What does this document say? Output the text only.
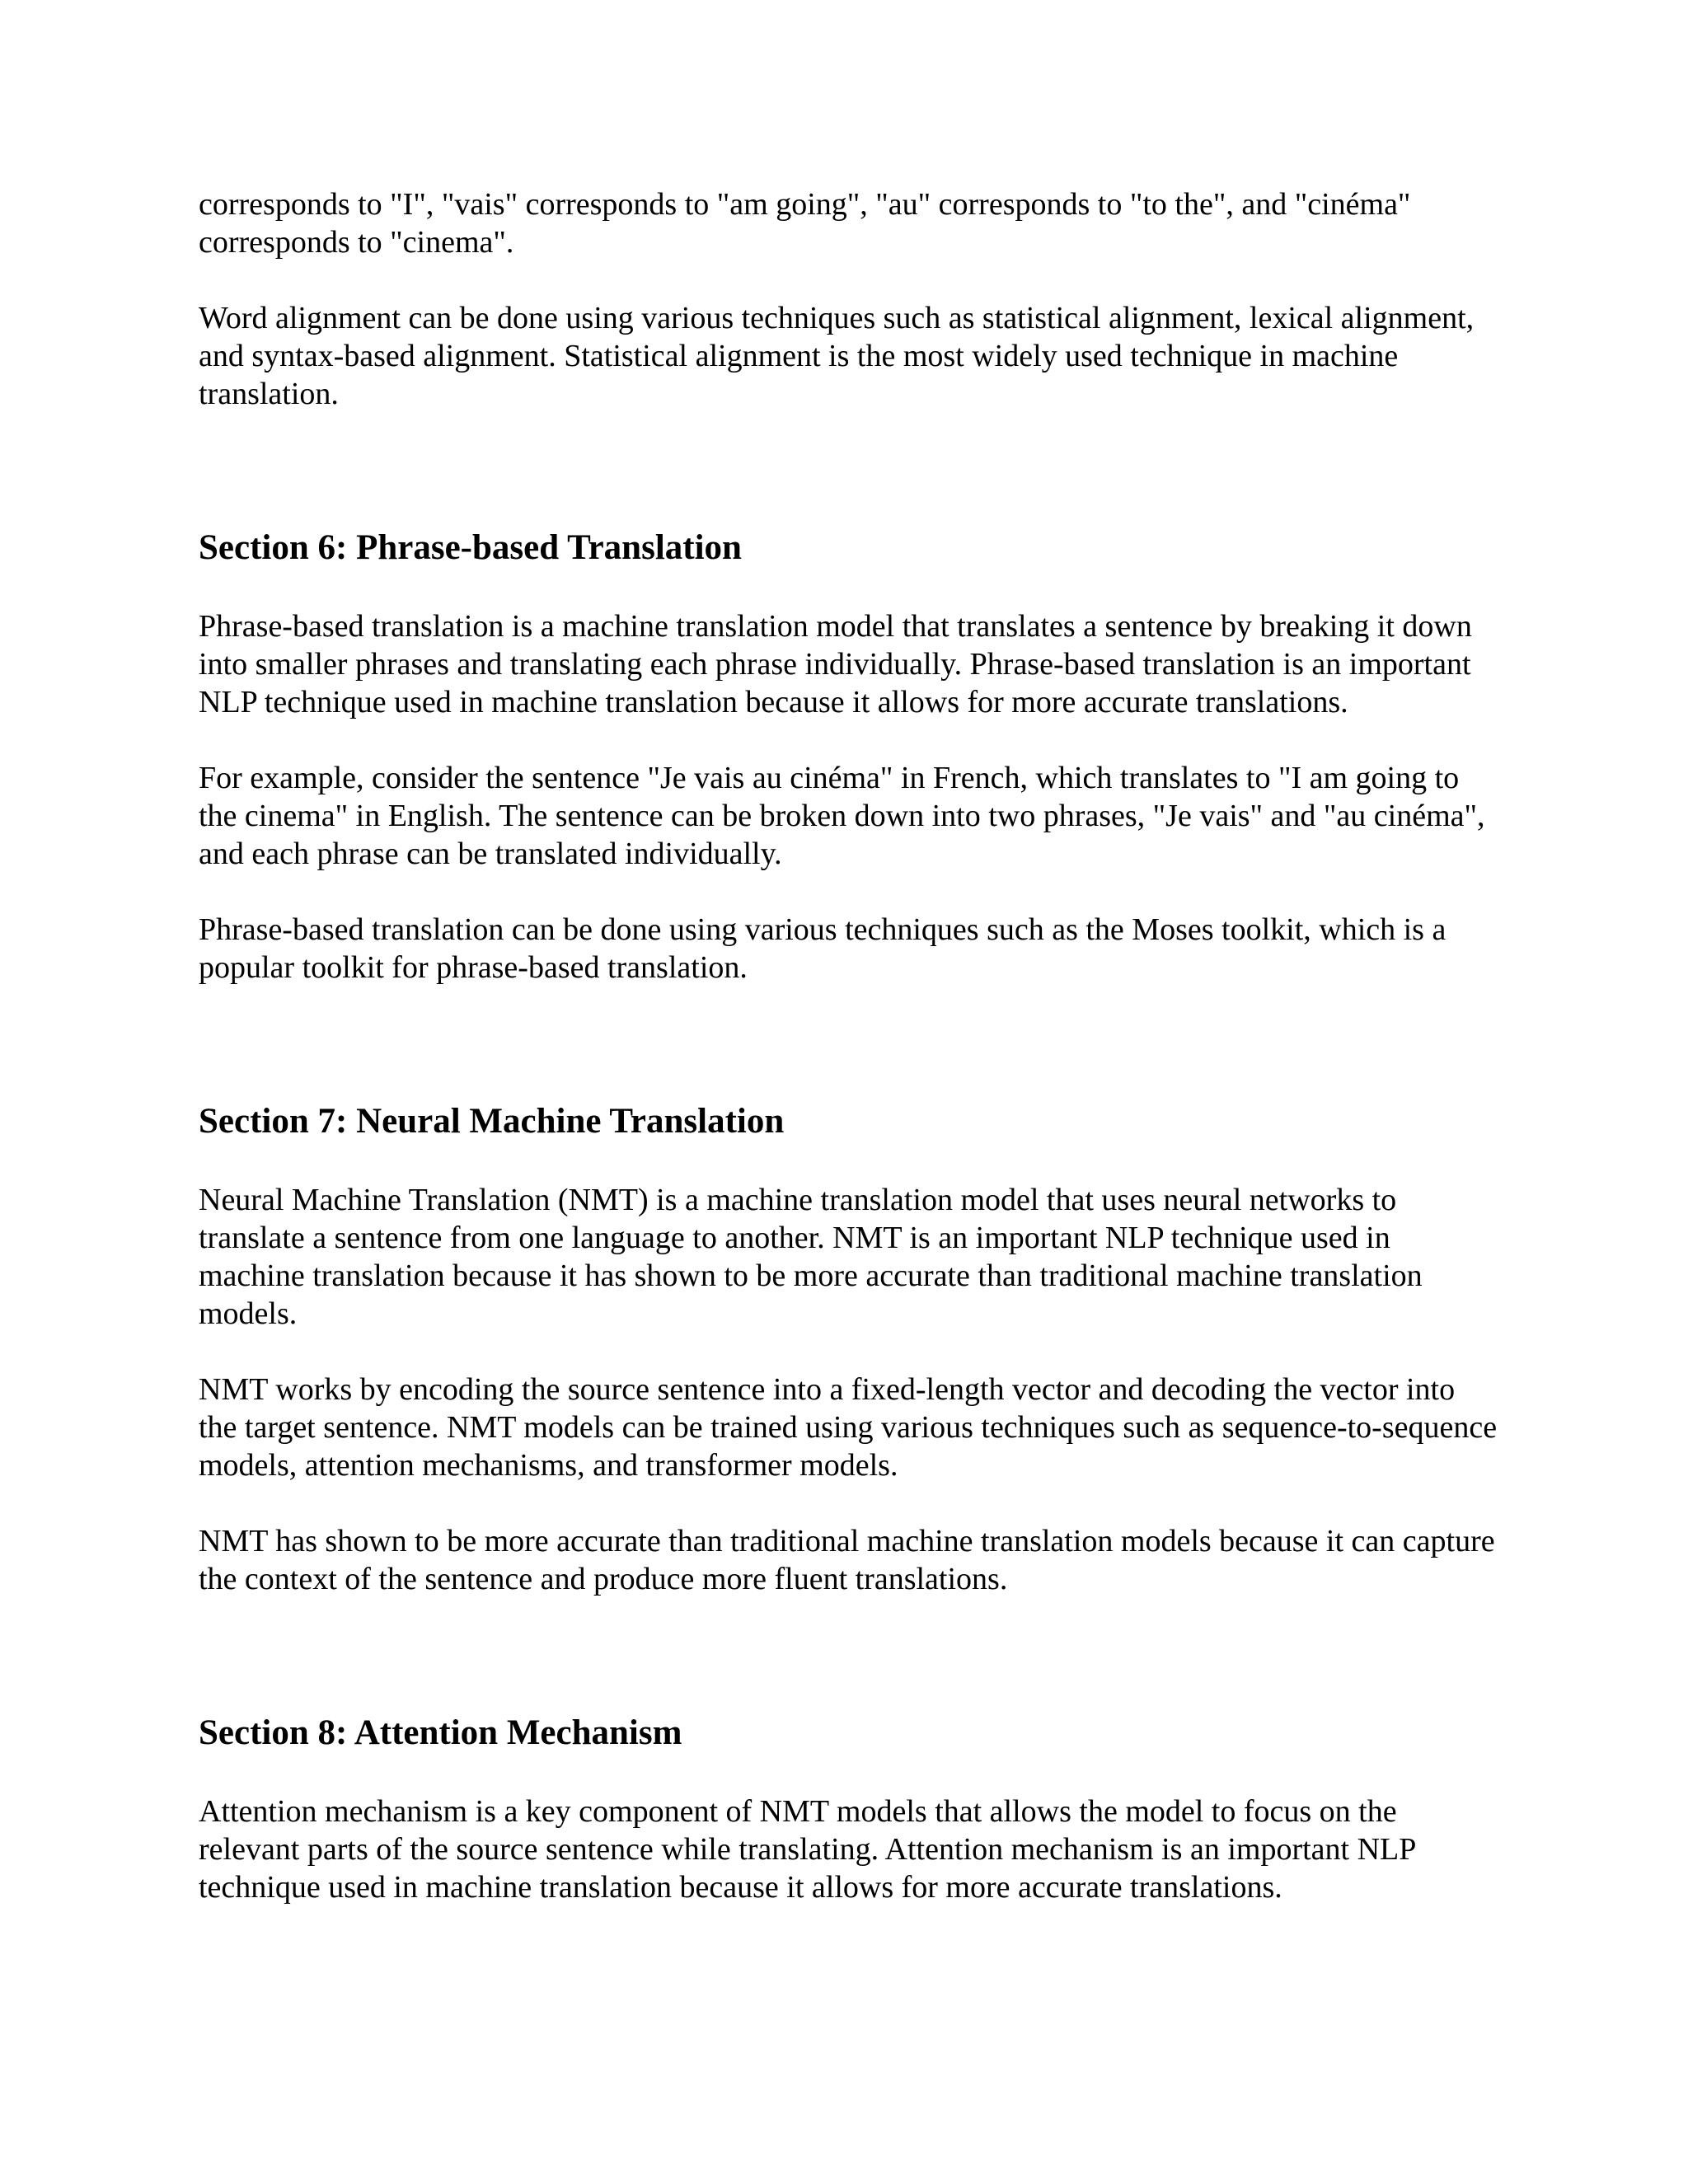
corresponds to "I", "vais" corresponds to "am going", "au" corresponds to "to the", and "cinéma" corresponds to "cinema".

Word alignment can be done using various techniques such as statistical alignment, lexical alignment, and syntax-based alignment. Statistical alignment is the most widely used technique in machine translation.

Section 6: Phrase-based Translation

Phrase-based translation is a machine translation model that translates a sentence by breaking it down into smaller phrases and translating each phrase individually. Phrase-based translation is an important NLP technique used in machine translation because it allows for more accurate translations.

For example, consider the sentence "Je vais au cinéma" in French, which translates to "I am going to the cinema" in English. The sentence can be broken down into two phrases, "Je vais" and "au cinéma", and each phrase can be translated individually.

Phrase-based translation can be done using various techniques such as the Moses toolkit, which is a popular toolkit for phrase-based translation.

Section 7: Neural Machine Translation

Neural Machine Translation (NMT) is a machine translation model that uses neural networks to translate a sentence from one language to another. NMT is an important NLP technique used in machine translation because it has shown to be more accurate than traditional machine translation models.

NMT works by encoding the source sentence into a fixed-length vector and decoding the vector into the target sentence. NMT models can be trained using various techniques such as sequence-to-sequence models, attention mechanisms, and transformer models.

NMT has shown to be more accurate than traditional machine translation models because it can capture the context of the sentence and produce more fluent translations.

Section 8: Attention Mechanism

Attention mechanism is a key component of NMT models that allows the model to focus on the relevant parts of the source sentence while translating. Attention mechanism is an important NLP technique used in machine translation because it allows for more accurate translations.
